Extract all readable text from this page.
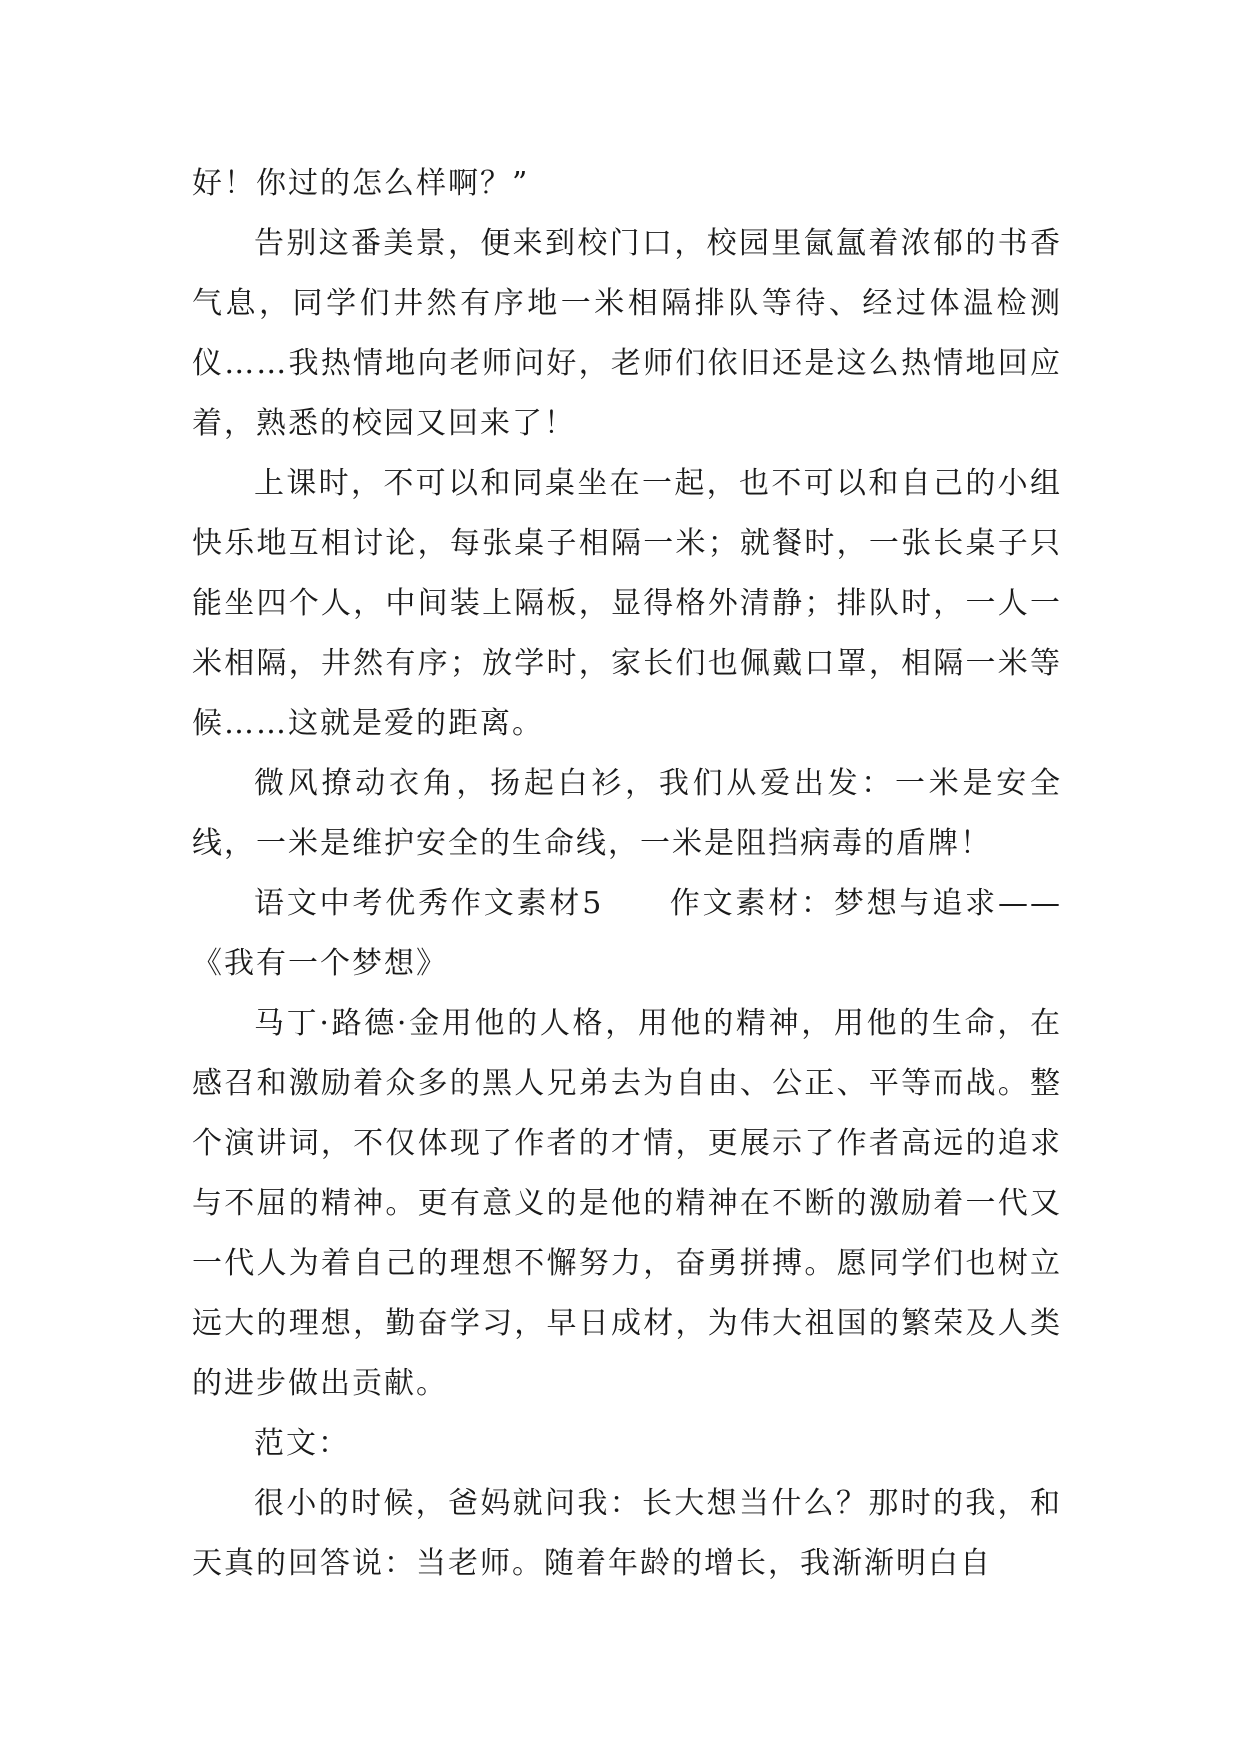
好！你过的怎么样啊？”

告别这番美景，便来到校门口，校园里氤氲着浓郁的书香气息，同学们井然有序地一米相隔排队等待、经过体温检测仪……我热情地向老师问好，老师们依旧还是这么热情地回应着，熟悉的校园又回来了！

上课时，不可以和同桌坐在一起，也不可以和自己的小组快乐地互相讨论，每张桌子相隔一米；就餐时，一张长桌子只能坐四个人，中间装上隔板，显得格外清静；排队时，一人一米相隔，井然有序；放学时，家长们也佩戴口罩，相隔一米等候……这就是爱的距离。

微风撩动衣角，扬起白衫，我们从爱出发：一米是安全线，一米是维护安全的生命线，一米是阻挡病毒的盾牌！

语文中考优秀作文素材5　　作文素材：梦想与追求——《我有一个梦想》

马丁·路德·金用他的人格，用他的精神，用他的生命，在感召和激励着众多的黑人兄弟去为自由、公正、平等而战。整个演讲词，不仅体现了作者的才情，更展示了作者高远的追求与不屈的精神。更有意义的是他的精神在不断的激励着一代又一代人为着自己的理想不懈努力，奋勇拼搏。愿同学们也树立远大的理想，勤奋学习，早日成材，为伟大祖国的繁荣及人类的进步做出贡献。

范文：

很小的时候，爸妈就问我：长大想当什么？那时的我，和天真的回答说：当老师。随着年龄的增长，我渐渐明白自
